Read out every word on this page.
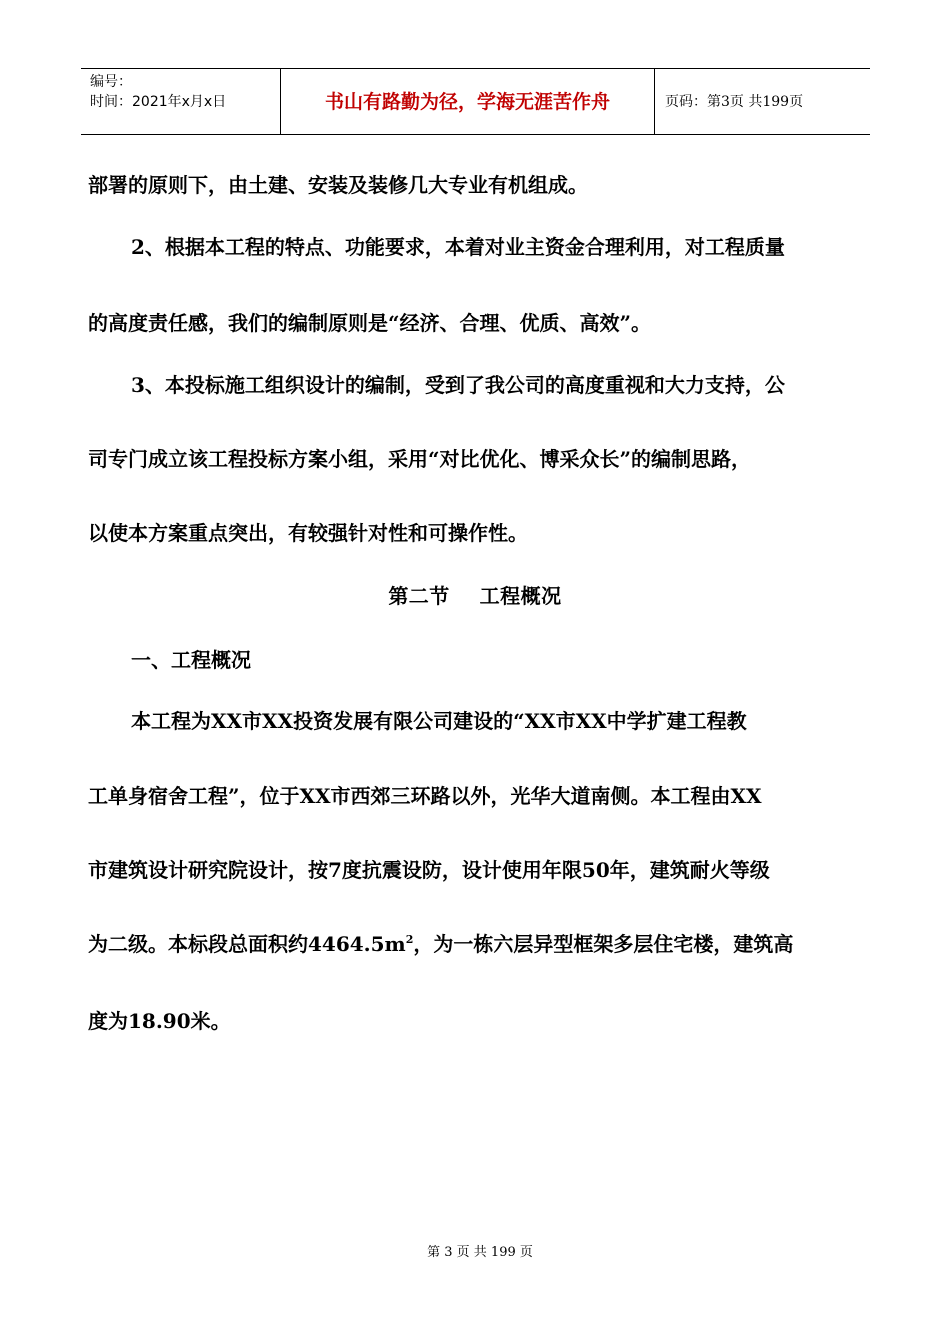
编号：
时间：2021年x月x日	书山有路勤为径，学海无涯苦作舟	页码：第3页 共199页
部署的原则下，由土建、安装及装修几大专业有机组成。
2、根据本工程的特点、功能要求，本着对业主资金合理利用，对工程质量
的高度责任感，我们的编制原则是“经济、合理、优质、高效”。
3、本投标施工组织设计的编制，受到了我公司的高度重视和大力支持，公
司专门成立该工程投标方案小组，采用“对比优化、博采众长”的编制思路，
以使本方案重点突出，有较强针对性和可操作性。
第二节    工程概况
一、工程概况
本工程为XX市XX投资发展有限公司建设的“XX市XX中学扩建工程教
工单身宿舍工程”，位于XX市西郊三环路以外，光华大道南侧。本工程由XX
市建筑设计研究院设计，按7度抗震设防，设计使用年限50年，建筑耐火等级
为二级。本标段总面积约$4464.5m^2$，为一栋六层异型框架多层住宅楼，建筑高
度为18.90米。
第 3 页 共 199 页
